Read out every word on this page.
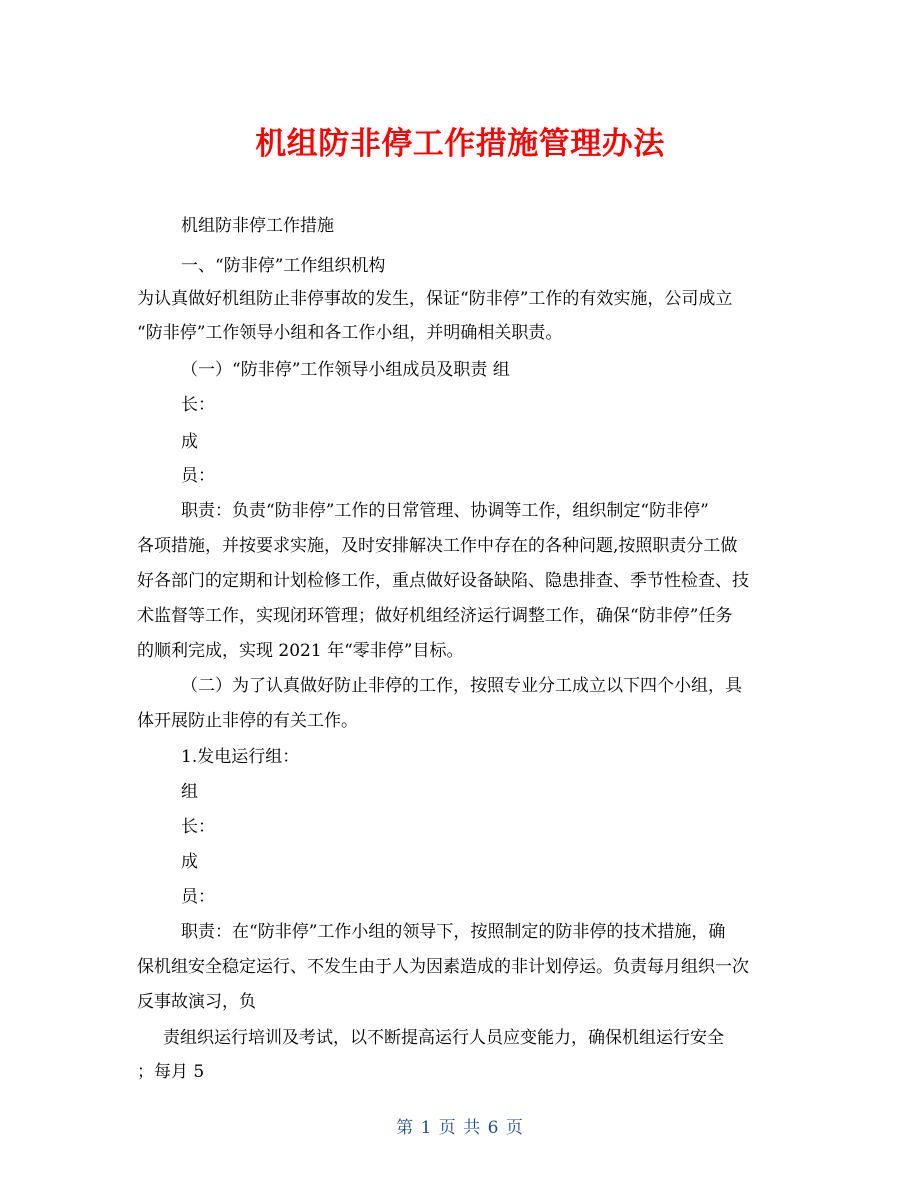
机组防非停工作措施管理办法
机组防非停工作措施
一、“防非停”工作组织机构
为认真做好机组防止非停事故的发生，保证“防非停”工作的有效实施，公司成立
“防非停”工作领导小组和各工作小组，并明确相关职责。
（一）“防非停”工作领导小组成员及职责 组
长：
成
员：
职责：负责“防非停”工作的日常管理、协调等工作，组织制定“防非停”
各项措施，并按要求实施，及时安排解决工作中存在的各种问题,按照职责分工做
好各部门的定期和计划检修工作，重点做好设备缺陷、隐患排查、季节性检查、技
术监督等工作，实现闭环管理；做好机组经济运行调整工作，确保“防非停”任务
的顺利完成，实现 2021 年“零非停”目标。
（二）为了认真做好防止非停的工作，按照专业分工成立以下四个小组，具
体开展防止非停的有关工作。
1.发电运行组：
组
长：
成
员：
职责：在“防非停”工作小组的领导下，按照制定的防非停的技术措施，确
保机组安全稳定运行、不发生由于人为因素造成的非计划停运。负责每月组织一次
反事故演习，负
责组织运行培训及考试，以不断提高运行人员应变能力，确保机组运行安全
；每月 5
第 1 页 共 6 页
